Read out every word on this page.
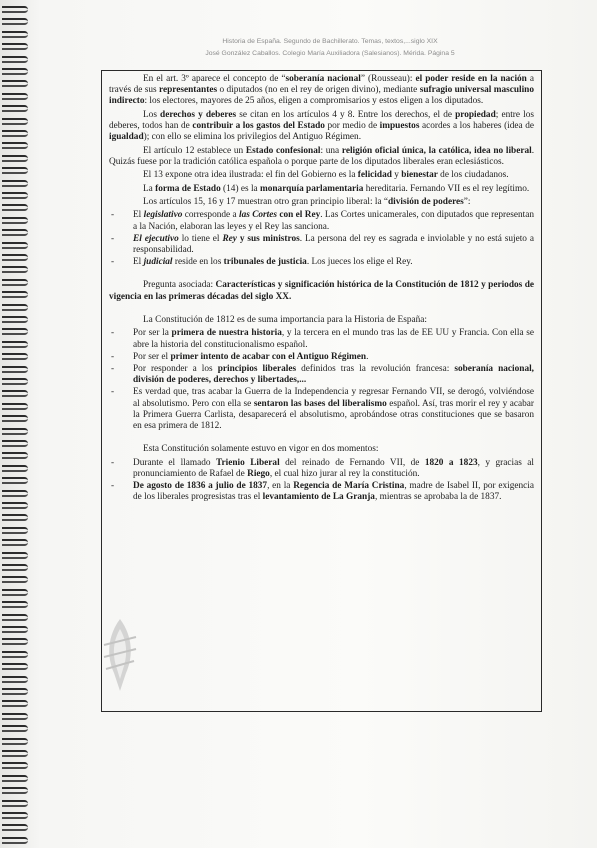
Historia de España. Segundo de Bachillerato. Temas, textos,...siglo XIX
José González Caballos. Colegio María Auxiliadora (Salesianos). Mérida. Página 5

En el art. 3º aparece el concepto de “soberanía nacional” (Rousseau): el poder reside en la nación a través de sus representantes o diputados (no en el rey de origen divino), mediante sufragio universal masculino indirecto: los electores, mayores de 25 años, eligen a compromisarios y estos eligen a los diputados.

Los derechos y deberes se citan en los artículos 4 y 8. Entre los derechos, el de propiedad; entre los deberes, todos han de contribuir a los gastos del Estado por medio de impuestos acordes a los haberes (idea de igualdad); con ello se elimina los privilegios del Antiguo Régimen.

El artículo 12 establece un Estado confesional: una religión oficial única, la católica, idea no liberal. Quizás fuese por la tradición católica española o porque parte de los diputados liberales eran eclesiásticos.

El 13 expone otra idea ilustrada: el fin del Gobierno es la felicidad y bienestar de los ciudadanos.

La forma de Estado (14) es la monarquía parlamentaria hereditaria. Fernando VII es el rey legítimo.

Los artículos 15, 16 y 17 muestran otro gran principio liberal: la “división de poderes”:

- El legislativo corresponde a las Cortes con el Rey. Las Cortes unicamerales, con diputados que representan a la Nación, elaboran las leyes y el Rey las sanciona.
- El ejecutivo lo tiene el Rey y sus ministros. La persona del rey es sagrada e inviolable y no está sujeto a responsabilidad.
- El judicial reside en los tribunales de justicia. Los jueces los elige el Rey.

Pregunta asociada: Características y significación histórica de la Constitución de 1812 y periodos de vigencia en las primeras décadas del siglo XX.

La Constitución de 1812 es de suma importancia para la Historia de España:

- Por ser la primera de nuestra historia, y la tercera en el mundo tras las de EE UU y Francia. Con ella se abre la historia del constitucionalismo español.
- Por ser el primer intento de acabar con el Antiguo Régimen.
- Por responder a los principios liberales definidos tras la revolución francesa: soberanía nacional, división de poderes, derechos y libertades,...
- Es verdad que, tras acabar la Guerra de la Independencia y regresar Fernando VII, se derogó, volviéndose al absolutismo. Pero con ella se sentaron las bases del liberalismo español. Así, tras morir el rey y acabar la Primera Guerra Carlista, desaparecerá el absolutismo, aprobándose otras constituciones que se basaron en esa primera de 1812.

Esta Constitución solamente estuvo en vigor en dos momentos:

- Durante el llamado Trienio Liberal del reinado de Fernando VII, de 1820 a 1823, y gracias al pronunciamiento de Rafael de Riego, el cual hizo jurar al rey la constitución.
- De agosto de 1836 a julio de 1837, en la Regencia de María Cristina, madre de Isabel II, por exigencia de los liberales progresistas tras el levantamiento de La Granja, mientras se aprobaba la de 1837.
